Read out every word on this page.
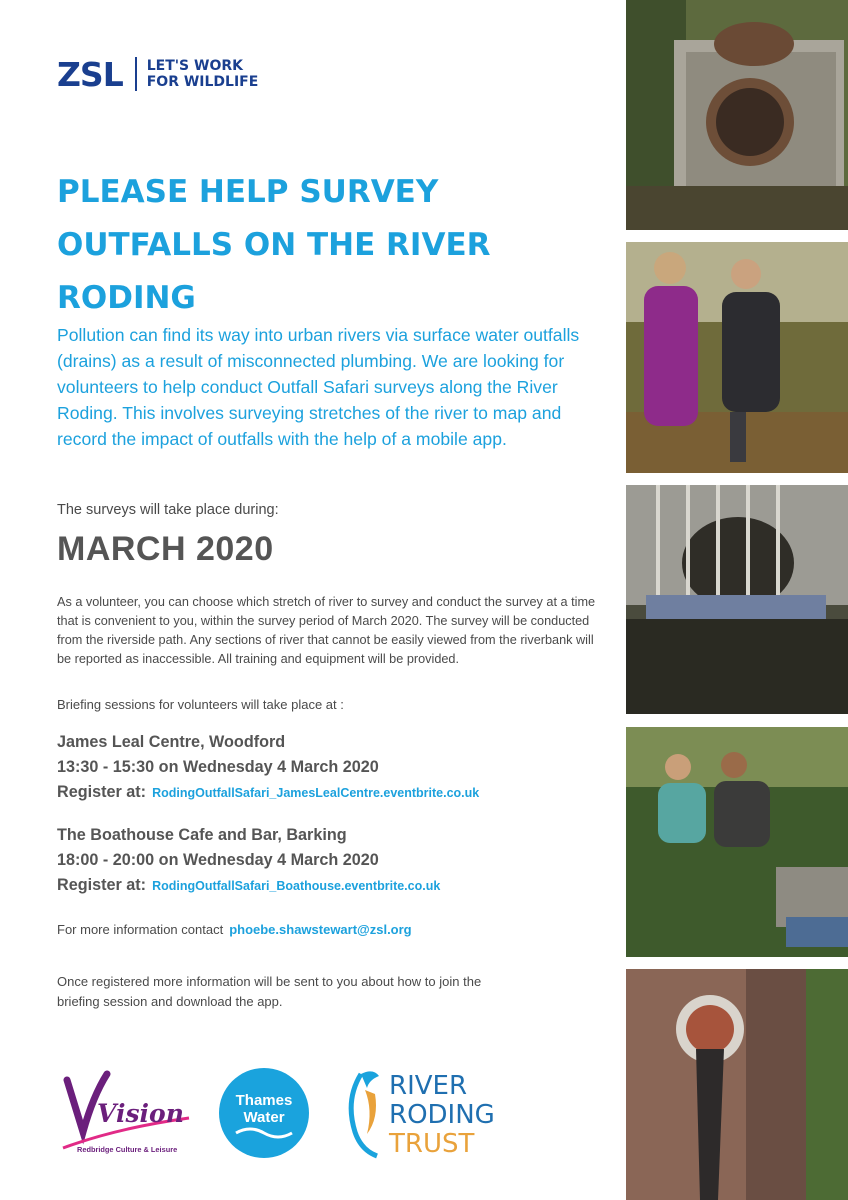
ZSL LET'S WORK
FOR WILDLIFE
PLEASE HELP SURVEY
OUTFALLS ON THE RIVER
RODING
Pollution can find its way into urban rivers via surface water outfalls (drains) as a result of misconnected plumbing. We are looking for volunteers to help conduct Outfall Safari surveys along the River Roding. This involves surveying stretches of the river to map and record the impact of outfalls with the help of a mobile app.
The surveys will take place during:
MARCH 2020
As a volunteer, you can choose which stretch of river to survey and conduct the survey at a time that is convenient to you, within the survey period of March 2020. The survey will be conducted from the riverside path. Any sections of river that cannot be easily viewed from the riverbank will be reported as inaccessible. All training and equipment will be provided.
Briefing sessions for volunteers will take place at :
James Leal Centre, Woodford
13:30 - 15:30 on Wednesday 4 March 2020
Register at: RodingOutfallSafari_JamesLealCentre.eventbrite.co.uk
The Boathouse Cafe and Bar, Barking
18:00 - 20:00 on Wednesday 4 March 2020
Register at: RodingOutfallSafari_Boathouse.eventbrite.co.uk
For more information contact phoebe.shawstewart@zsl.org
Once registered more information will be sent to you about how to join the briefing session and download the app.
Vision
Redbridge Culture & Leisure
Thames
Water
RIVER
RODING
TRUST
